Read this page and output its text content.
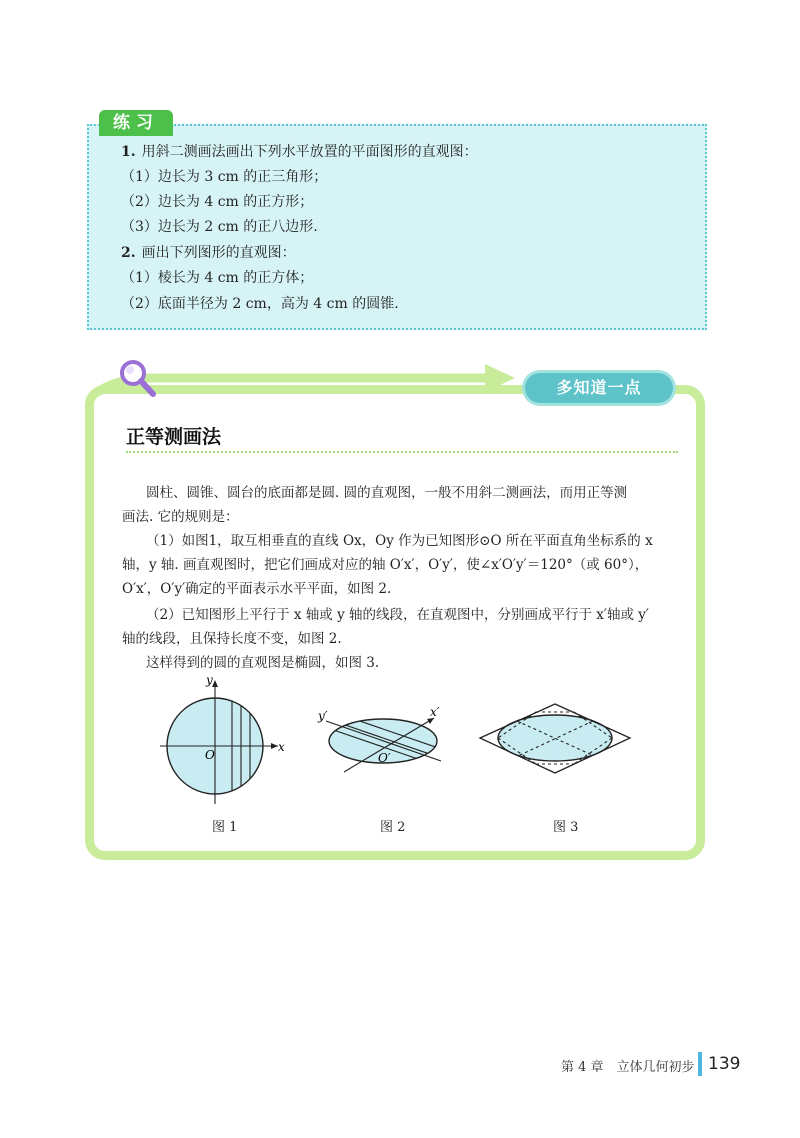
练习
1. 用斜二测画法画出下列水平放置的平面图形的直观图：
（1）边长为 3 cm 的正三角形；
（2）边长为 4 cm 的正方形；
（3）边长为 2 cm 的正八边形.
2. 画出下列图形的直观图：
（1）棱长为 4 cm 的正方体；
（2）底面半径为 2 cm，高为 4 cm 的圆锥.
多知道一点
正等测画法
圆柱、圆锥、圆台的底面都是圆. 圆的直观图，一般不用斜二测画法，而用正等测
画法. 它的规则是：
（1）如图1，取互相垂直的直线 Ox，Oy 作为已知图形⊙O 所在平面直角坐标系的 x
轴，y 轴. 画直观图时，把它们画成对应的轴 O′x′，O′y′，使∠x′O′y′＝120°（或 60°），
O′x′，O′y′确定的平面表示水平平面，如图 2.
（2）已知图形上平行于 x 轴或 y 轴的线段，在直观图中，分别画成平行于 x′轴或 y′
轴的线段，且保持长度不变，如图 2.
这样得到的圆的直观图是椭圆，如图 3.
x
y
O
图 1
y′	x′
O′
图 2	图 3
第 4 章　立体几何初步 139
